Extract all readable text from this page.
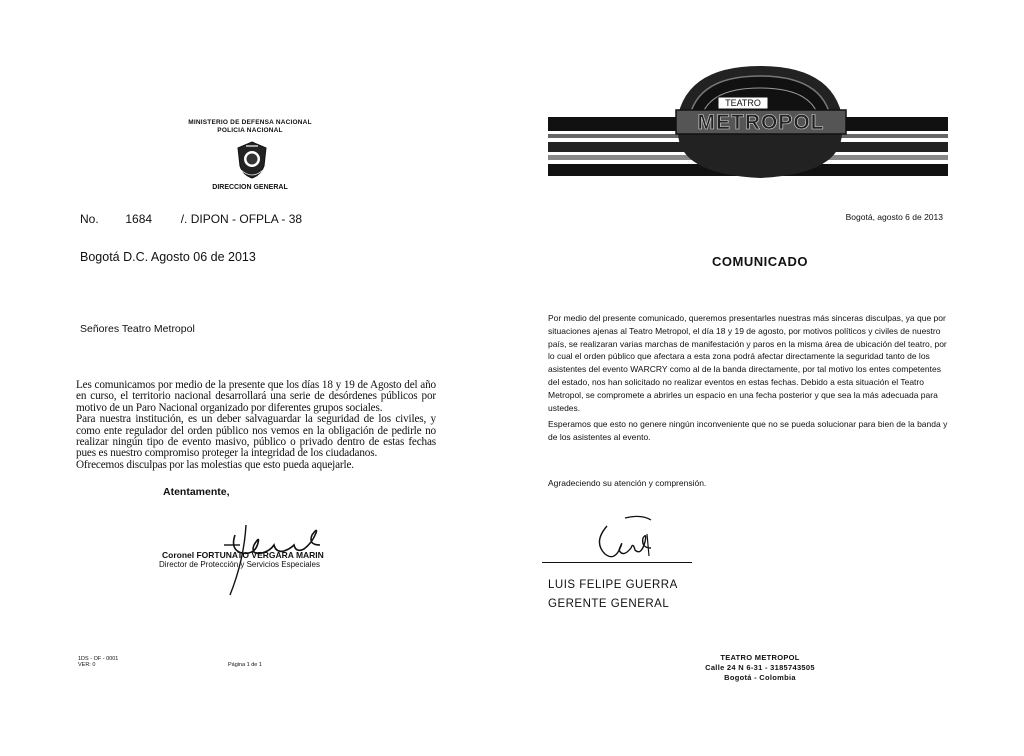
MINISTERIO DE DEFENSA NACIONAL
POLICIA NACIONAL
DIRECCION GENERAL
No. 1684 /. DIPON - OFPLA - 38
Bogotá D.C. Agosto 06 de 2013
Señores Teatro Metropol

Les comunicamos por medio de la presente que los días 18 y 19 de Agosto del año en curso, el territorio nacional desarrollará una serie de desórdenes públicos por motivo de un Paro Nacional organizado por diferentes grupos sociales.

Para nuestra institución, es un deber salvaguardar la seguridad de los civiles, y como ente regulador del orden público nos vemos en la obligación de pedirle no realizar ningún tipo de evento masivo, público o privado dentro de estas fechas pues es nuestro compromiso proteger la integridad de los ciudadanos.

Ofrecemos disculpas por las molestias que esto pueda aquejarle.

Atentamente,
Coronel FORTUNATO VERGARA MARIN
Director de Protección y Servicios Especiales
1DS - OF - 0001
VER: 0	Página 1 de 1
TEATRO
METROPOL
Bogotá, agosto 6 de 2013
COMUNICADO

Por medio del presente comunicado, queremos presentarles nuestras más sinceras disculpas, ya que por situaciones ajenas al Teatro Metropol, el día 18 y 19 de agosto, por motivos políticos y civiles de nuestro país, se realizaran varias marchas de manifestación y paros en la misma área de ubicación del teatro, por lo cual el orden público que afectara a esta zona podrá afectar directamente la seguridad tanto de los asistentes del evento WARCRY como al de la banda directamente, por tal motivo los entes competentes del estado, nos han solicitado no realizar eventos en estas fechas. Debido a esta situación el Teatro Metropol, se compromete a abrirles un espacio en una fecha posterior y que sea la más adecuada para ustedes.

Esperamos que esto no genere ningún inconveniente que no se pueda solucionar para bien de la banda y de los asistentes al evento.

Agradeciendo su atención y comprensión.
LUIS FELIPE GUERRA
GERENTE GENERAL
TEATRO METROPOL
Calle 24 N 6-31 - 3185743505
Bogotá - Colombia
